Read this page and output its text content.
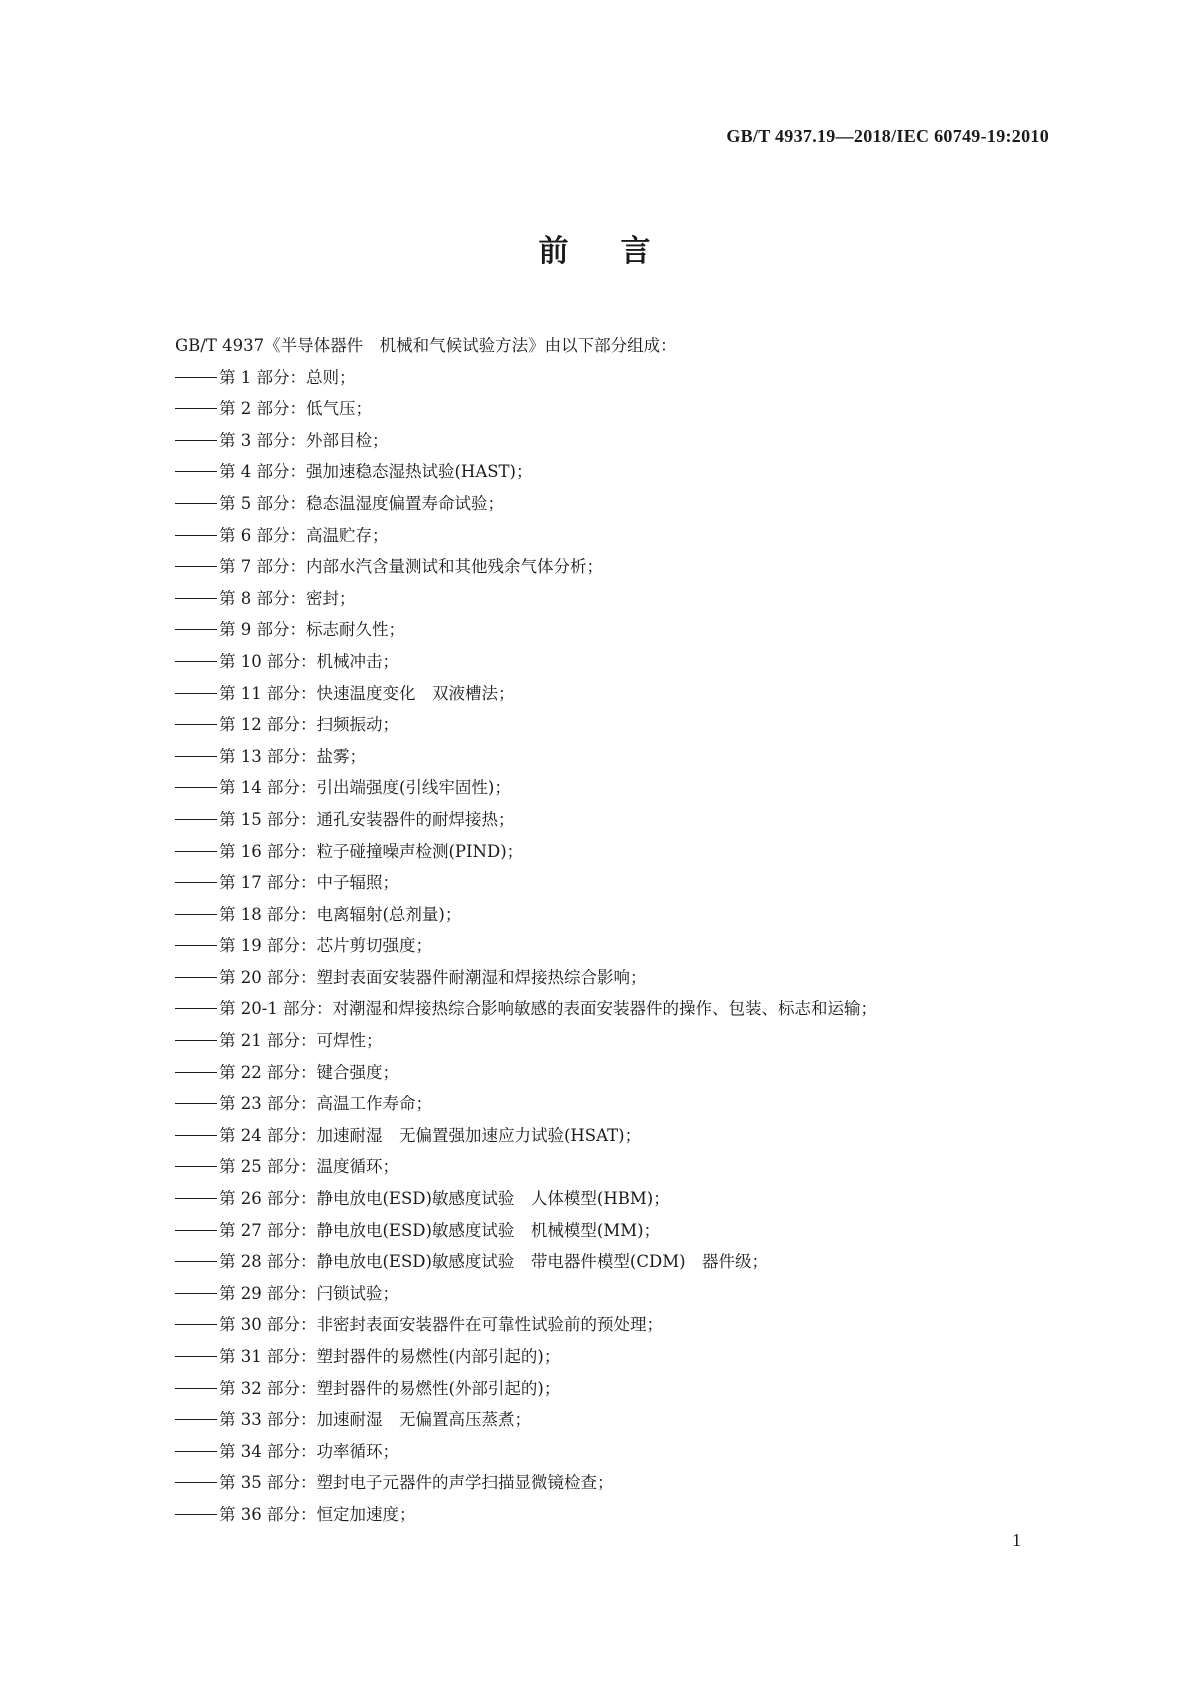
GB/T 4937.19—2018/IEC 60749-19:2010
前 言

GB/T 4937《半导体器件　机械和气候试验方法》由以下部分组成：

第 1 部分：总则；

第 2 部分：低气压；

第 3 部分：外部目检；

第 4 部分：强加速稳态湿热试验(HAST)；

第 5 部分：稳态温湿度偏置寿命试验；

第 6 部分：高温贮存；

第 7 部分：内部水汽含量测试和其他残余气体分析；

第 8 部分：密封；

第 9 部分：标志耐久性；

第 10 部分：机械冲击；

第 11 部分：快速温度变化　双液槽法；

第 12 部分：扫频振动；

第 13 部分：盐雾；

第 14 部分：引出端强度(引线牢固性)；

第 15 部分：通孔安装器件的耐焊接热；

第 16 部分：粒子碰撞噪声检测(PIND)；

第 17 部分：中子辐照；

第 18 部分：电离辐射(总剂量)；

第 19 部分：芯片剪切强度；

第 20 部分：塑封表面安装器件耐潮湿和焊接热综合影响；

第 20-1 部分：对潮湿和焊接热综合影响敏感的表面安装器件的操作、包装、标志和运输；

第 21 部分：可焊性；

第 22 部分：键合强度；

第 23 部分：高温工作寿命；

第 24 部分：加速耐湿　无偏置强加速应力试验(HSAT)；

第 25 部分：温度循环；

第 26 部分：静电放电(ESD)敏感度试验　人体模型(HBM)；

第 27 部分：静电放电(ESD)敏感度试验　机械模型(MM)；

第 28 部分：静电放电(ESD)敏感度试验　带电器件模型(CDM)　器件级；

第 29 部分：闩锁试验；

第 30 部分：非密封表面安装器件在可靠性试验前的预处理；

第 31 部分：塑封器件的易燃性(内部引起的)；

第 32 部分：塑封器件的易燃性(外部引起的)；

第 33 部分：加速耐湿　无偏置高压蒸煮；

第 34 部分：功率循环；

第 35 部分：塑封电子元器件的声学扫描显微镜检查；

第 36 部分：恒定加速度；

1
